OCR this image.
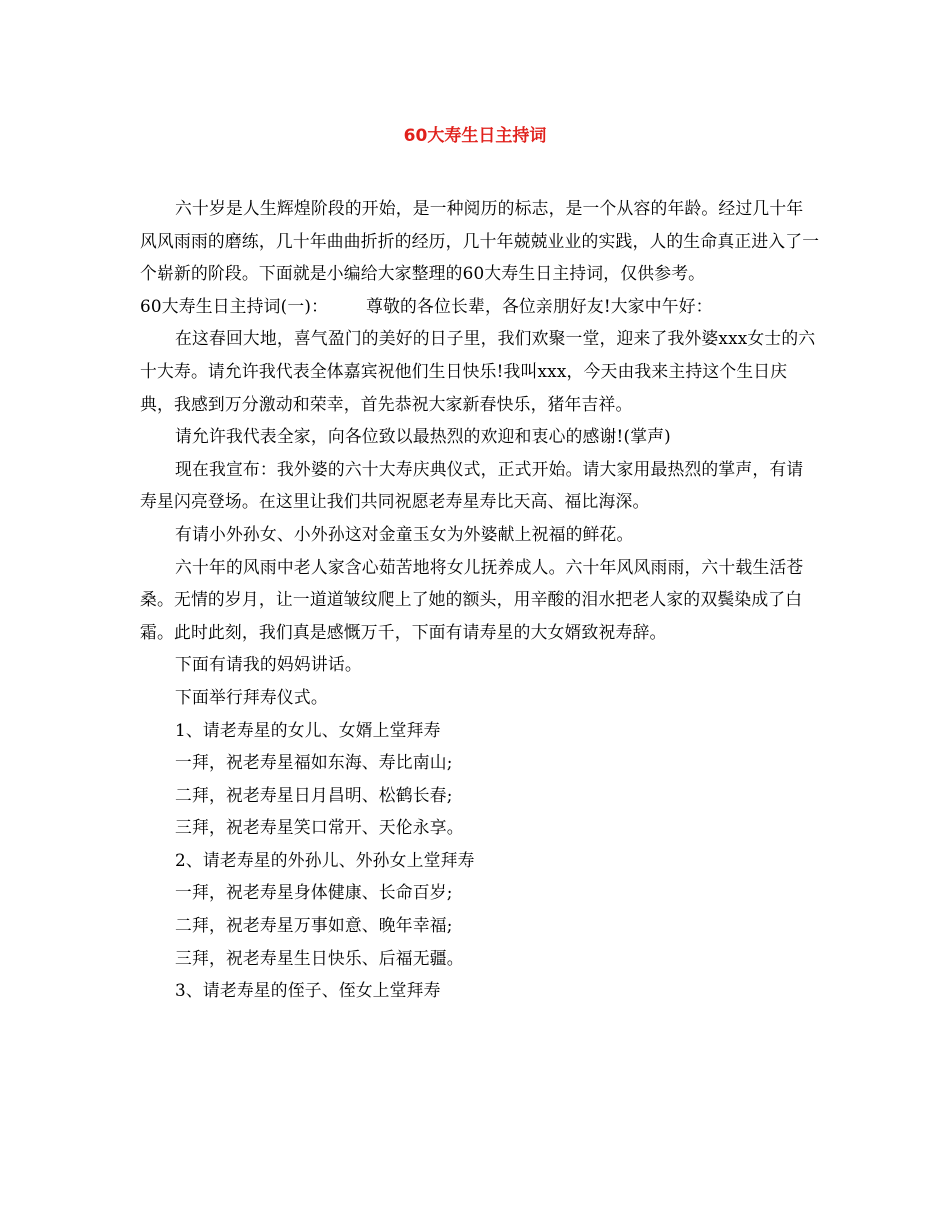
60大寿生日主持词

六十岁是人生辉煌阶段的开始，是一种阅历的标志，是一个从容的年龄。经过几十年风风雨雨的磨练，几十年曲曲折折的经历，几十年兢兢业业的实践，人的生命真正进入了一个崭新的阶段。下面就是小编给大家整理的60大寿生日主持词，仅供参考。

60大寿生日主持词(一)： 尊敬的各位长辈，各位亲朋好友!大家中午好：

在这春回大地，喜气盈门的美好的日子里，我们欢聚一堂，迎来了我外婆xxx女士的六十大寿。请允许我代表全体嘉宾祝他们生日快乐!我叫xxx，今天由我来主持这个生日庆典，我感到万分激动和荣幸，首先恭祝大家新春快乐，猪年吉祥。

请允许我代表全家，向各位致以最热烈的欢迎和衷心的感谢!(掌声)

现在我宣布：我外婆的六十大寿庆典仪式，正式开始。请大家用最热烈的掌声，有请寿星闪亮登场。在这里让我们共同祝愿老寿星寿比天高、福比海深。

有请小外孙女、小外孙这对金童玉女为外婆献上祝福的鲜花。

六十年的风雨中老人家含心茹苦地将女儿抚养成人。六十年风风雨雨，六十载生活苍桑。无情的岁月，让一道道皱纹爬上了她的额头，用辛酸的泪水把老人家的双鬓染成了白霜。此时此刻，我们真是感慨万千，下面有请寿星的大女婿致祝寿辞。

下面有请我的妈妈讲话。

下面举行拜寿仪式。

1、请老寿星的女儿、女婿上堂拜寿

一拜，祝老寿星福如东海、寿比南山;

二拜，祝老寿星日月昌明、松鹤长春;

三拜，祝老寿星笑口常开、天伦永享。

2、请老寿星的外孙儿、外孙女上堂拜寿

一拜，祝老寿星身体健康、长命百岁;

二拜，祝老寿星万事如意、晚年幸福;

三拜，祝老寿星生日快乐、后福无疆。

3、请老寿星的侄子、侄女上堂拜寿
